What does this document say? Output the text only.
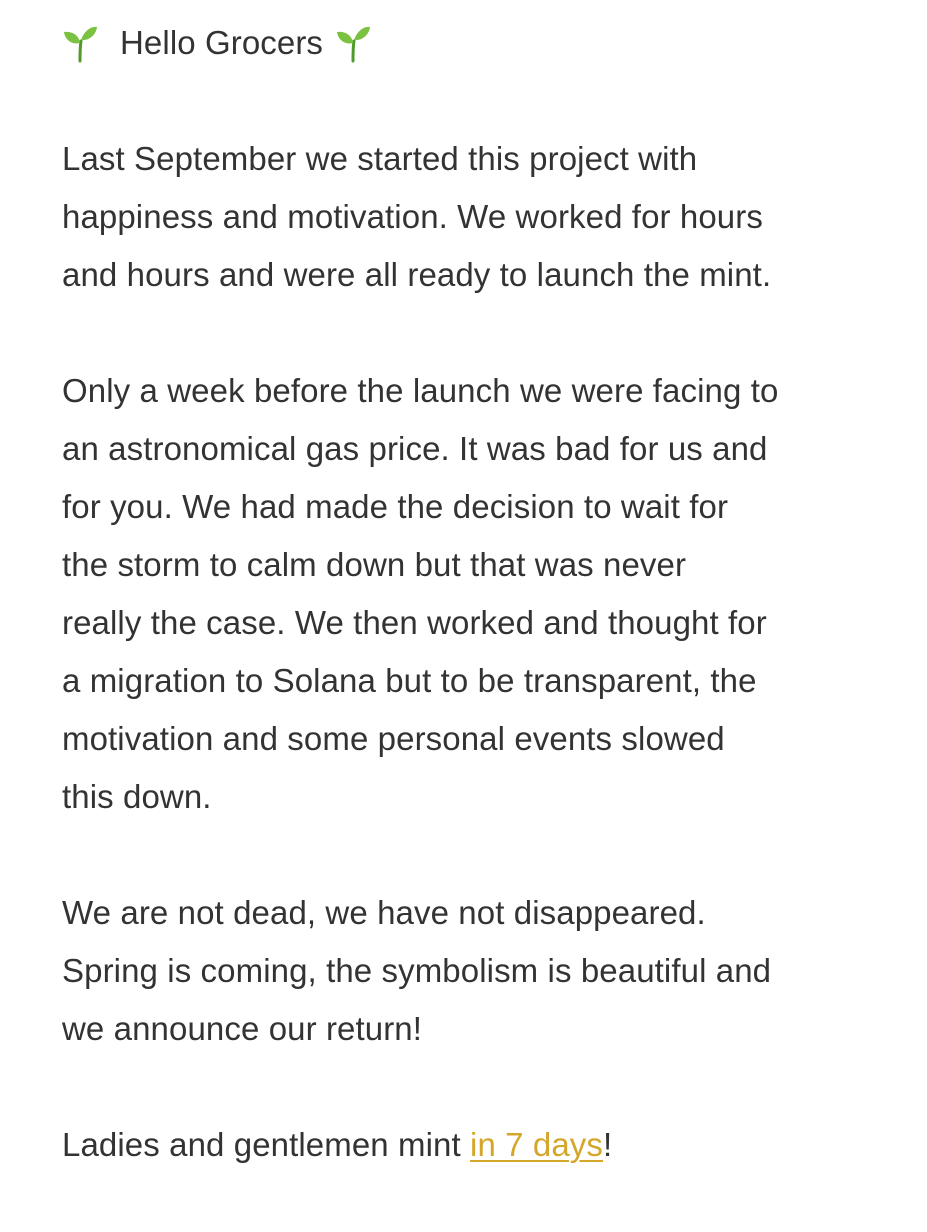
Hello Grocers
Last September we started this project with
happiness and motivation. We worked for hours
and hours and were all ready to launch the mint.
Only a week before the launch we were facing to
an astronomical gas price. It was bad for us and
for you. We had made the decision to wait for
the storm to calm down but that was never
really the case. We then worked and thought for
a migration to Solana but to be transparent, the
motivation and some personal events slowed
this down.
We are not dead, we have not disappeared.
Spring is coming, the symbolism is beautiful and
we announce our return!
Ladies and gentlemen mint in 7 days!
